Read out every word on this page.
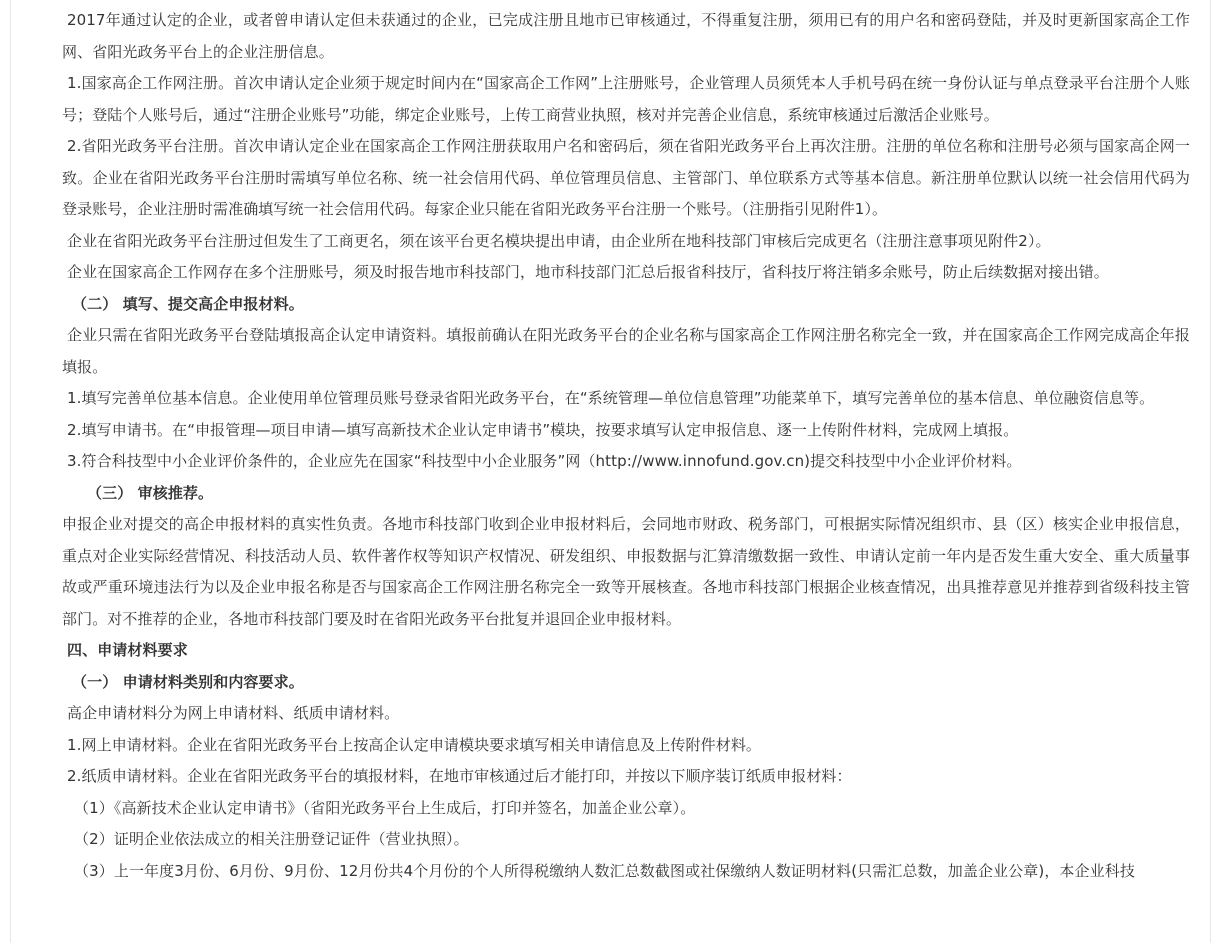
2017年通过认定的企业，或者曾申请认定但未获通过的企业，已完成注册且地市已审核通过，不得重复注册，须用已有的用户名和密码登陆，并及时更新国家高企工作网、省阳光政务平台上的企业注册信息。

1.国家高企工作网注册。首次申请认定企业须于规定时间内在“国家高企工作网”上注册账号，企业管理人员须凭本人手机号码在统一身份认证与单点登录平台注册个人账号；登陆个人账号后，通过“注册企业账号”功能，绑定企业账号，上传工商营业执照，核对并完善企业信息，系统审核通过后激活企业账号。

2.省阳光政务平台注册。首次申请认定企业在国家高企工作网注册获取用户名和密码后，须在省阳光政务平台上再次注册。注册的单位名称和注册号必须与国家高企网一致。企业在省阳光政务平台注册时需填写单位名称、统一社会信用代码、单位管理员信息、主管部门、单位联系方式等基本信息。新注册单位默认以统一社会信用代码为登录账号，企业注册时需准确填写统一社会信用代码。每家企业只能在省阳光政务平台注册一个账号。（注册指引见附件1）。

企业在省阳光政务平台注册过但发生了工商更名，须在该平台更名模块提出申请，由企业所在地科技部门审核后完成更名（注册注意事项见附件2）。

企业在国家高企工作网存在多个注册账号，须及时报告地市科技部门，地市科技部门汇总后报省科技厅，省科技厅将注销多余账号，防止后续数据对接出错。

（二） 填写、提交高企申报材料。

企业只需在省阳光政务平台登陆填报高企认定申请资料。填报前确认在阳光政务平台的企业名称与国家高企工作网注册名称完全一致，并在国家高企工作网完成高企年报填报。

1.填写完善单位基本信息。企业使用单位管理员账号登录省阳光政务平台，在“系统管理—单位信息管理”功能菜单下，填写完善单位的基本信息、单位融资信息等。

2.填写申请书。在“申报管理—项目申请—填写高新技术企业认定申请书”模块，按要求填写认定申报信息、逐一上传附件材料，完成网上填报。

3.符合科技型中小企业评价条件的，企业应先在国家“科技型中小企业服务”网（http://www.innofund.gov.cn)提交科技型中小企业评价材料。

（三） 审核推荐。

申报企业对提交的高企申报材料的真实性负责。各地市科技部门收到企业申报材料后，会同地市财政、税务部门，可根据实际情况组织市、县（区）核实企业申报信息，重点对企业实际经营情况、科技活动人员、软件著作权等知识产权情况、研发组织、申报数据与汇算清缴数据一致性、申请认定前一年内是否发生重大安全、重大质量事故或严重环境违法行为以及企业申报名称是否与国家高企工作网注册名称完全一致等开展核查。各地市科技部门根据企业核查情况，出具推荐意见并推荐到省级科技主管部门。对不推荐的企业，各地市科技部门要及时在省阳光政务平台批复并退回企业申报材料。

四、申请材料要求

（一） 申请材料类别和内容要求。

高企申请材料分为网上申请材料、纸质申请材料。

1.网上申请材料。企业在省阳光政务平台上按高企认定申请模块要求填写相关申请信息及上传附件材料。

2.纸质申请材料。企业在省阳光政务平台的填报材料，在地市审核通过后才能打印，并按以下顺序装订纸质申报材料：

（1）《高新技术企业认定申请书》（省阳光政务平台上生成后，打印并签名，加盖企业公章）。

（2）证明企业依法成立的相关注册登记证件（营业执照）。

（3）上一年度3月份、6月份、9月份、12月份共4个月份的个人所得税缴纳人数汇总数截图或社保缴纳人数证明材料(只需汇总数，加盖企业公章)，本企业科技
